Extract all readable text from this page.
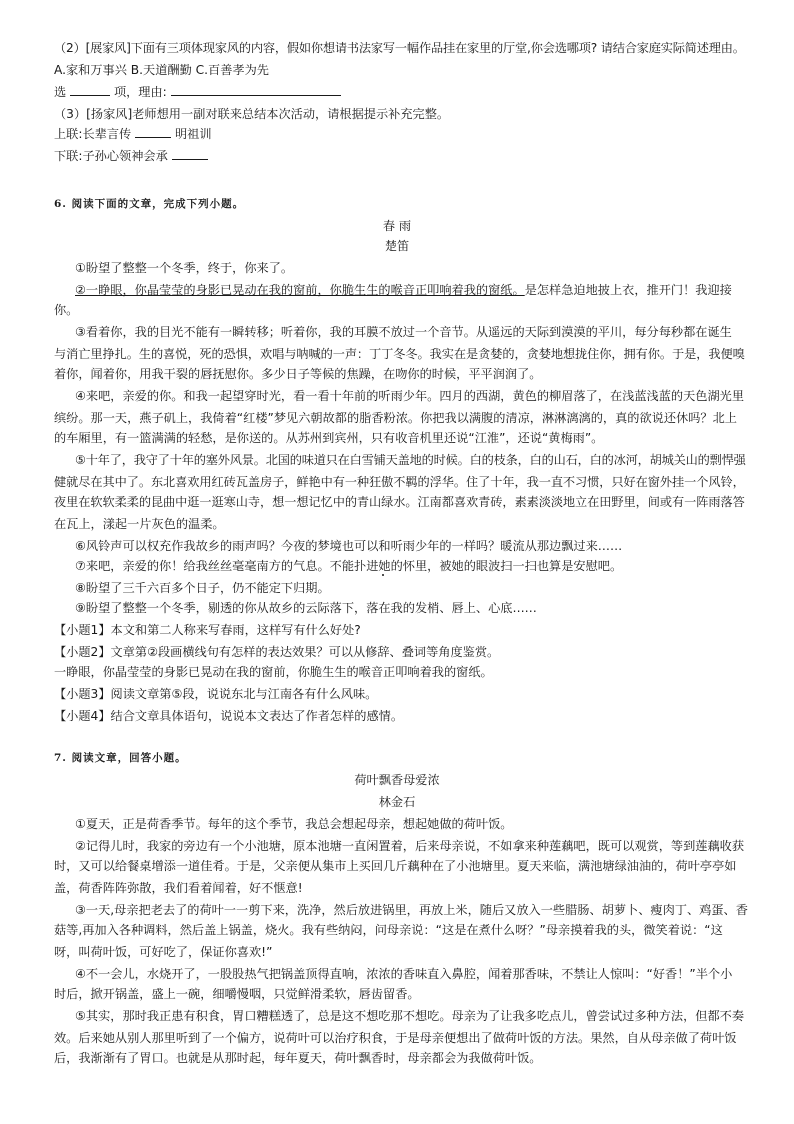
（2）[展家风]下面有三项体现家风的内容，假如你想请书法家写一幅作品挂在家里的厅堂,你会选哪项? 请结合家庭实际简述理由。
A.家和万事兴 B.天道酬勤 C.百善孝为先
选	项，理由:
（3）[扬家风]老师想用一副对联来总结本次活动，请根据提示补充完整。
上联:长辈言传	明祖训
下联:子孙心领神会承
6. 阅读下面的文章，完成下列小题。
春 雨
楚笛
①盼望了整整一个冬季，终于，你来了。
②一睁眼，你晶莹莹的身影已晃动在我的窗前，你脆生生的喉音正叩响着我的窗纸。是怎样急迫地披上衣，推开门！我迎接
你。
③看着你，我的目光不能有一瞬转移；听着你，我的耳膜不放过一个音节。从遥远的天际到漠漠的平川，每分每秒都在诞生
与消亡里挣扎。生的喜悦，死的恐惧，欢唱与呐喊的一声：丁丁冬冬。我实在是贪婪的，贪婪地想拢住你，拥有你。于是，我便嗅
着你，闻着你，用我干裂的唇抚慰你。多少日子等候的焦躁，在吻你的时候，平平润润了。
④来吧，亲爱的你。和我一起望穿时光，看一看十年前的听雨少年。四月的西湖，黄色的柳眉落了，在浅蓝浅蓝的天色湖光里
缤纷。那一天，燕子矶上，我倚着“红楼”梦见六朝故都的脂香粉浓。你把我以满腹的清凉，淋淋漓漓的，真的欲说还休吗？北上
的车厢里，有一篮满满的轻愁，是你送的。从苏州到宾州，只有收音机里还说“江淮”，还说“黄梅雨”。
⑤十年了，我守了十年的塞外风景。北国的味道只在白雪铺天盖地的时候。白的枝条，白的山石，白的冰河，胡城关山的剽悍强
健就尽在其中了。东北喜欢用红砖瓦盖房子，鲜艳中有一种狂傲不羁的浮华。住了十年，我一直不习惯，只好在窗外挂一个风铃，
夜里在软软柔柔的昆曲中逛一逛寒山寺，想一想记忆中的青山绿水。江南都喜欢青砖，素素淡淡地立在田野里，间或有一阵雨落答
在瓦上，漾起一片灰色的温柔。
⑥风铃声可以权充作我故乡的雨声吗？今夜的梦境也可以和听雨少年的一样吗？暖流从那边飘过来……
⑦来吧，亲爱的你！给我丝丝毫毫南方的气息。不能扑进她的怀里，被她的眼波扫一扫也算是安慰吧。
⑧盼望了三千六百多个日子，仍不能定下归期。
⑨盼望了整整一个冬季，剔透的你从故乡的云际落下，落在我的发梢、唇上、心底……
【小题1】本文和第二人称来写春雨，这样写有什么好处?
【小题2】文章第②段画横线句有怎样的表达效果？可以从修辞、叠词等角度鉴赏。
一睁眼，你晶莹莹的身影已晃动在我的窗前，你脆生生的喉音正叩响着我的窗纸。
【小题3】阅读文章第⑤段，说说东北与江南各有什么风味。
【小题4】结合文章具体语句，说说本文表达了作者怎样的感情。
7. 阅读文章，回答小题。
荷叶飘香母爱浓
林金石
①夏天，正是荷香季节。每年的这个季节，我总会想起母亲，想起她做的荷叶饭。
②记得儿时，我家的旁边有一个小池塘，原本池塘一直闲置着，后来母亲说，不如拿来种莲藕吧，既可以观赏，等到莲藕收获
时，又可以给餐桌增添一道佳肴。于是，父亲便从集市上买回几斤藕种在了小池塘里。夏天来临，满池塘绿油油的，荷叶亭亭如
盖，荷香阵阵弥散，我们看着闻着，好不惬意!
③一天,母亲把老去了的荷叶一一剪下来，洗净，然后放进锅里，再放上米，随后又放入一些腊肠、胡萝卜、瘦肉丁、鸡蛋、香
菇等,再加入各种调料，然后盖上锅盖，烧火。我有些纳闷，问母亲说：“这是在煮什么呀？”母亲摸着我的头，微笑着说：“这
呀，叫荷叶饭，可好吃了，保证你喜欢!”
④不一会儿，水烧开了，一股股热气把锅盖顶得直响，浓浓的香味直入鼻腔，闻着那香味，不禁让人惊叫：“好香！”半个小
时后，掀开锅盖，盛上一碗，细嚼慢咽，只觉鲜滑柔软，唇齿留香。
⑤其实，那时我正患有积食，胃口糟糕透了，总是这不想吃那不想吃。母亲为了让我多吃点儿，曾尝试过多种方法，但都不奏
效。后来她从别人那里听到了一个偏方，说荷叶可以治疗积食，于是母亲便想出了做荷叶饭的方法。果然，自从母亲做了荷叶饭
后，我渐渐有了胃口。也就是从那时起，每年夏天，荷叶飘香时，母亲都会为我做荷叶饭。
